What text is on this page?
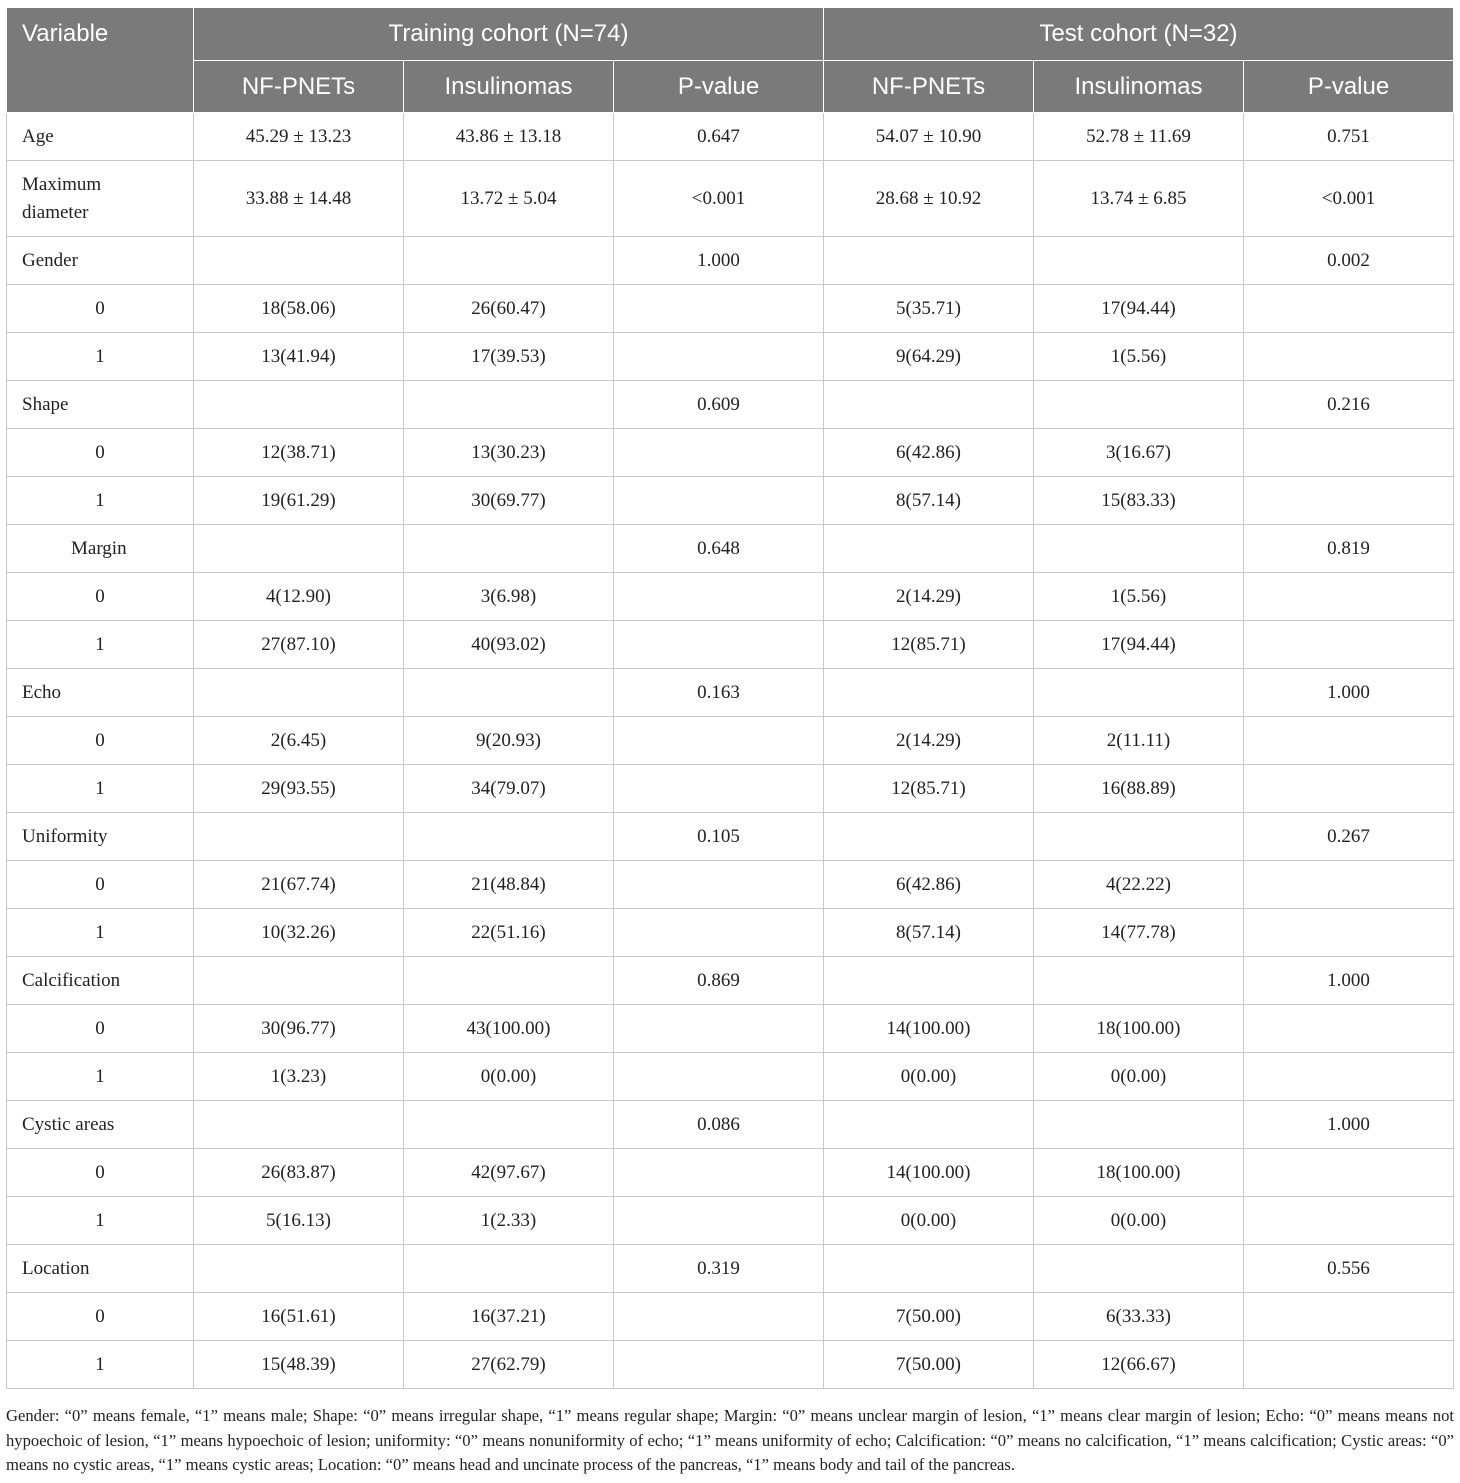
Variable	Training cohort (N=74)			Test cohort (N=32)		
	NF-PNETs	Insulinomas	P-value	NF-PNETs	Insulinomas	P-value
Age	45.29 ± 13.23	43.86 ± 13.18	0.647	54.07 ± 10.90	52.78 ± 11.69	0.751
Maximum diameter	33.88 ± 14.48	13.72 ± 5.04	<0.001	28.68 ± 10.92	13.74 ± 6.85	<0.001
Gender			1.000			0.002
0	18(58.06)	26(60.47)		5(35.71)	17(94.44)	
1	13(41.94)	17(39.53)		9(64.29)	1(5.56)	
Shape			0.609			0.216
0	12(38.71)	13(30.23)		6(42.86)	3(16.67)	
1	19(61.29)	30(69.77)		8(57.14)	15(83.33)	
Margin			0.648			0.819
0	4(12.90)	3(6.98)		2(14.29)	1(5.56)	
1	27(87.10)	40(93.02)		12(85.71)	17(94.44)	
Echo			0.163			1.000
0	2(6.45)	9(20.93)		2(14.29)	2(11.11)	
1	29(93.55)	34(79.07)		12(85.71)	16(88.89)	
Uniformity			0.105			0.267
0	21(67.74)	21(48.84)		6(42.86)	4(22.22)	
1	10(32.26)	22(51.16)		8(57.14)	14(77.78)	
Calcification			0.869			1.000
0	30(96.77)	43(100.00)		14(100.00)	18(100.00)	
1	1(3.23)	0(0.00)		0(0.00)	0(0.00)	
Cystic areas			0.086			1.000
0	26(83.87)	42(97.67)		14(100.00)	18(100.00)	
1	5(16.13)	1(2.33)		0(0.00)	0(0.00)	
Location			0.319			0.556
0	16(51.61)	16(37.21)		7(50.00)	6(33.33)	
1	15(48.39)	27(62.79)		7(50.00)	12(66.67)	
Gender: “0” means female, “1” means male; Shape: “0” means irregular shape, “1” means regular shape; Margin: “0” means unclear margin of lesion, “1” means clear margin of lesion; Echo: “0” means means not hypoechoic of lesion, “1” means hypoechoic of lesion; uniformity: “0” means nonuniformity of echo; “1” means uniformity of echo; Calcification: “0” means no calcification, “1” means calcification; Cystic areas: “0” means no cystic areas, “1” means cystic areas; Location: “0” means head and uncinate process of the pancreas, “1” means body and tail of the pancreas.
